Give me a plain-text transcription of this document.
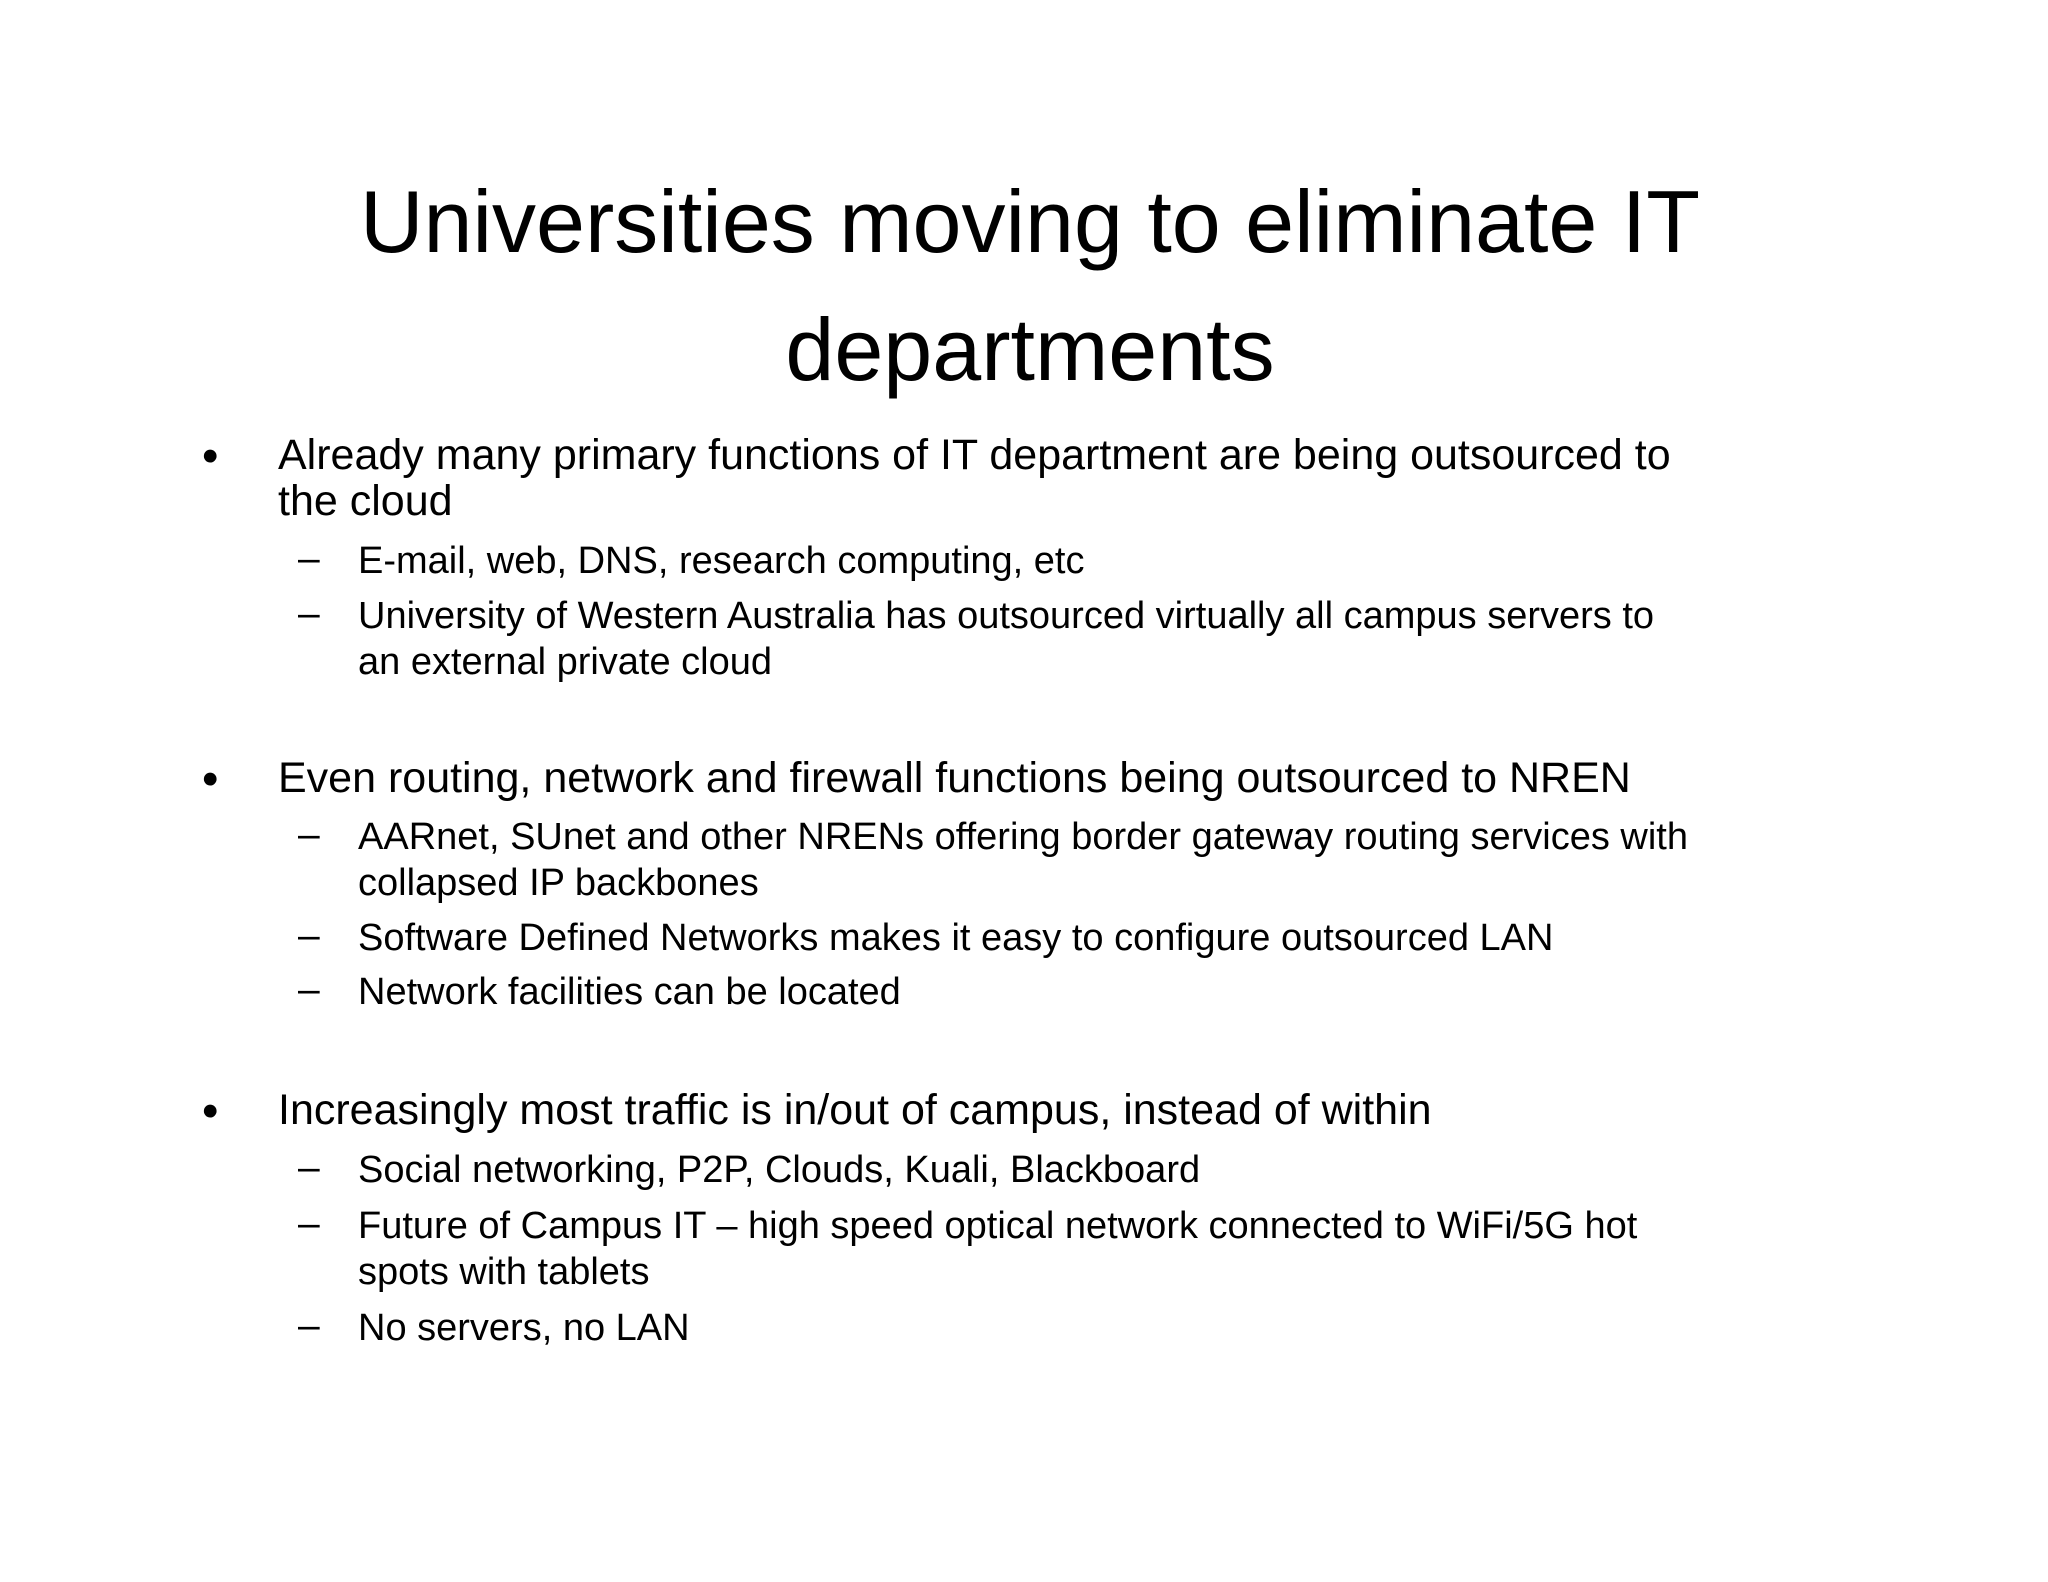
Universities moving to eliminate IT
departments
• Already many primary functions of IT department are being outsourced to
the cloud
– E-mail, web, DNS, research computing, etc
– University of Western Australia has outsourced virtually all campus servers to
an external private cloud
• Even routing, network and firewall functions being outsourced to NREN
– AARnet, SUnet and other NRENs offering border gateway routing services with
collapsed IP backbones
– Software Defined Networks makes it easy to configure outsourced LAN
– Network facilities can be located
• Increasingly most traffic is in/out of campus, instead of within
– Social networking, P2P, Clouds, Kuali, Blackboard
– Future of Campus IT – high speed optical network connected to WiFi/5G hot
spots with tablets
– No servers, no LAN
